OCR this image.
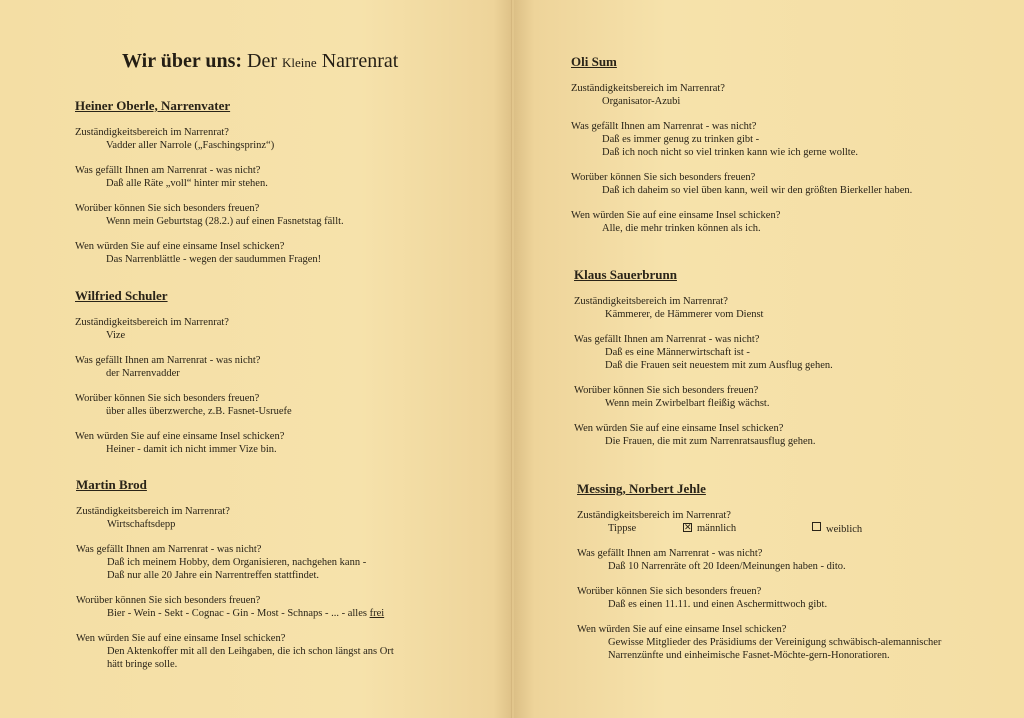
Wir über uns: Der Kleine Narrenrat
Heiner Oberle, Narrenvater
Zuständigkeitsbereich im Narrenrat?
Vadder aller Narrole („Faschingsprinz“)
Was gefällt Ihnen am Narrenrat - was nicht?
Daß alle Räte „voll“ hinter mir stehen.
Worüber können Sie sich besonders freuen?
Wenn mein Geburtstag (28.2.) auf einen Fasnetstag fällt.
Wen würden Sie auf eine einsame Insel schicken?
Das Narrenblättle - wegen der saudummen Fragen!
Wilfried Schuler
Zuständigkeitsbereich im Narrenrat?
Vize
Was gefällt Ihnen am Narrenrat - was nicht?
der Narrenvadder
Worüber können Sie sich besonders freuen?
über alles überzwerche, z.B. Fasnet-Usruefe
Wen würden Sie auf eine einsame Insel schicken?
Heiner - damit ich nicht immer Vize bin.
Martin Brod
Zuständigkeitsbereich im Narrenrat?
Wirtschaftsdepp
Was gefällt Ihnen am Narrenrat - was nicht?
Daß ich meinem Hobby, dem Organisieren, nachgehen kann -
Daß nur alle 20 Jahre ein Narrentreffen stattfindet.
Worüber können Sie sich besonders freuen?
Bier - Wein - Sekt - Cognac - Gin - Most - Schnaps - ... - alles frei
Wen würden Sie auf eine einsame Insel schicken?
Den Aktenkoffer mit all den Leihgaben, die ich schon längst ans Ort
hätt bringe solle.
Oli Sum
Zuständigkeitsbereich im Narrenrat?
Organisator-Azubi
Was gefällt Ihnen am Narrenrat - was nicht?
Daß es immer genug zu trinken gibt -
Daß ich noch nicht so viel trinken kann wie ich gerne wollte.
Worüber können Sie sich besonders freuen?
Daß ich daheim so viel üben kann, weil wir den größten Bierkeller haben.
Wen würden Sie auf eine einsame Insel schicken?
Alle, die mehr trinken können als ich.
Klaus Sauerbrunn
Zuständigkeitsbereich im Narrenrat?
Kämmerer, de Hämmerer vom Dienst
Was gefällt Ihnen am Narrenrat - was nicht?
Daß es eine Männerwirtschaft ist -
Daß die Frauen seit neuestem mit zum Ausflug gehen.
Worüber können Sie sich besonders freuen?
Wenn mein Zwirbelbart fleißig wächst.
Wen würden Sie auf eine einsame Insel schicken?
Die Frauen, die mit zum Narrenratsausflug gehen.
Messing, Norbert Jehle
Zuständigkeitsbereich im Narrenrat?
Tippse	✕ männlich	weiblich
Was gefällt Ihnen am Narrenrat - was nicht?
Daß 10 Narrenräte oft 20 Ideen/Meinungen haben - dito.
Worüber können Sie sich besonders freuen?
Daß es einen 11.11. und einen Aschermittwoch gibt.
Wen würden Sie auf eine einsame Insel schicken?
Gewisse Mitglieder des Präsidiums der Vereinigung schwäbisch-alemannischer
Narrenzünfte und einheimische Fasnet-Möchte-gern-Honoratioren.
